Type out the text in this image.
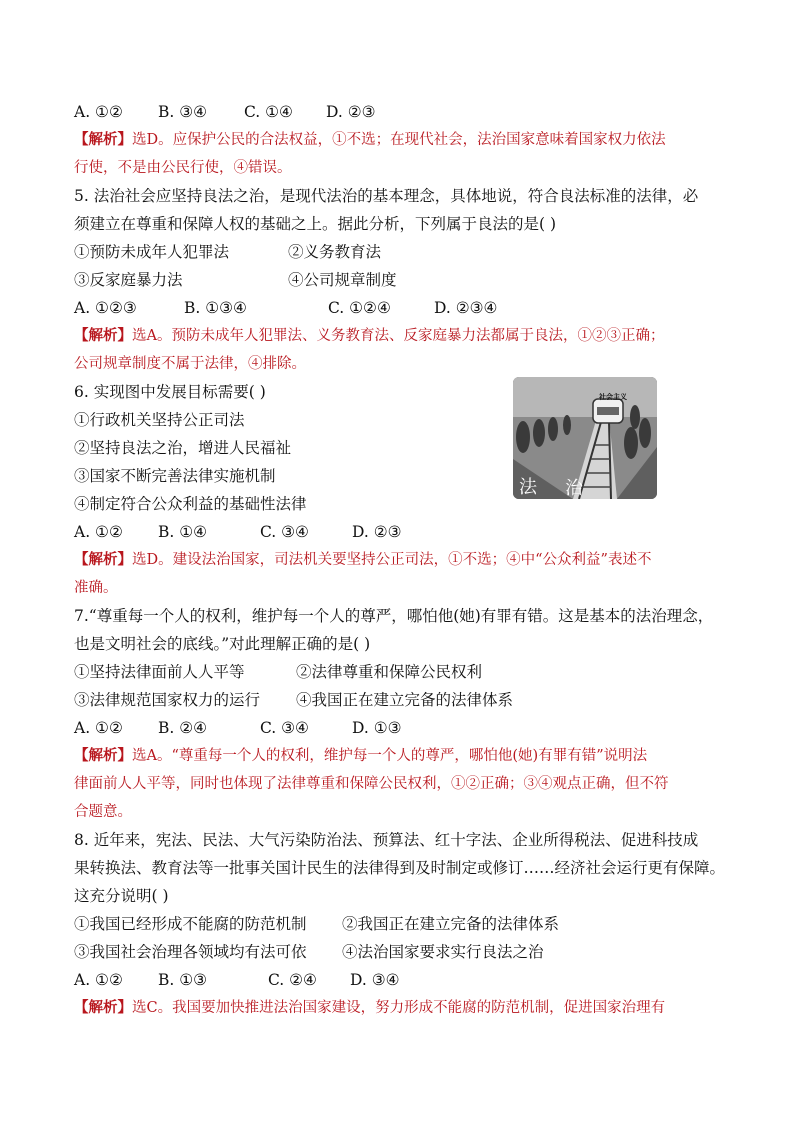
A. ①② B. ③④ C. ①④ D. ②③
【解析】选D。应保护公民的合法权益，①不选；在现代社会，法治国家意味着国家权力依法
行使，不是由公民行使，④错误。
5. 法治社会应坚持良法之治，是现代法治的基本理念，具体地说，符合良法标准的法律，必
须建立在尊重和保障人权的基础之上。据此分析，下列属于良法的是( )
①预防未成年人犯罪法	②义务教育法
③反家庭暴力法	④公司规章制度
A. ①②③	B. ①③④	C. ①②④	D. ②③④
【解析】选A。预防未成年人犯罪法、义务教育法、反家庭暴力法都属于良法，①②③正确；
公司规章制度不属于法律，④排除。
6. 实现图中发展目标需要( )
①行政机关坚持公正司法
②坚持良法之治，增进人民福祉
③国家不断完善法律实施机制
④制定符合公众利益的基础性法律
A. ①② B. ①④	C. ③④	D. ②③
社会主义
法 治
【解析】选D。建设法治国家，司法机关要坚持公正司法，①不选；④中“公众利益”表述不
准确。
7.“尊重每一个人的权利，维护每一个人的尊严，哪怕他(她)有罪有错。这是基本的法治理念，
也是文明社会的底线。”对此理解正确的是( )
①坚持法律面前人人平等	②法律尊重和保障公民权利
③法律规范国家权力的运行 ④我国正在建立完备的法律体系
A. ①② B. ②④	C. ③④	D. ①③
【解析】选A。“尊重每一个人的权利，维护每一个人的尊严，哪怕他(她)有罪有错”说明法
律面前人人平等，同时也体现了法律尊重和保障公民权利，①②正确；③④观点正确，但不符
合题意。
8. 近年来，宪法、民法、大气污染防治法、预算法、红十字法、企业所得税法、促进科技成
果转换法、教育法等一批事关国计民生的法律得到及时制定或修订……经济社会运行更有保障。
这充分说明( )
①我国已经形成不能腐的防范机制 ②我国正在建立完备的法律体系
③我国社会治理各领域均有法可依 ④法治国家要求实行良法之治
A. ①② B. ①③	C. ②④ D. ③④
【解析】选C。我国要加快推进法治国家建设，努力形成不能腐的防范机制，促进国家治理有
